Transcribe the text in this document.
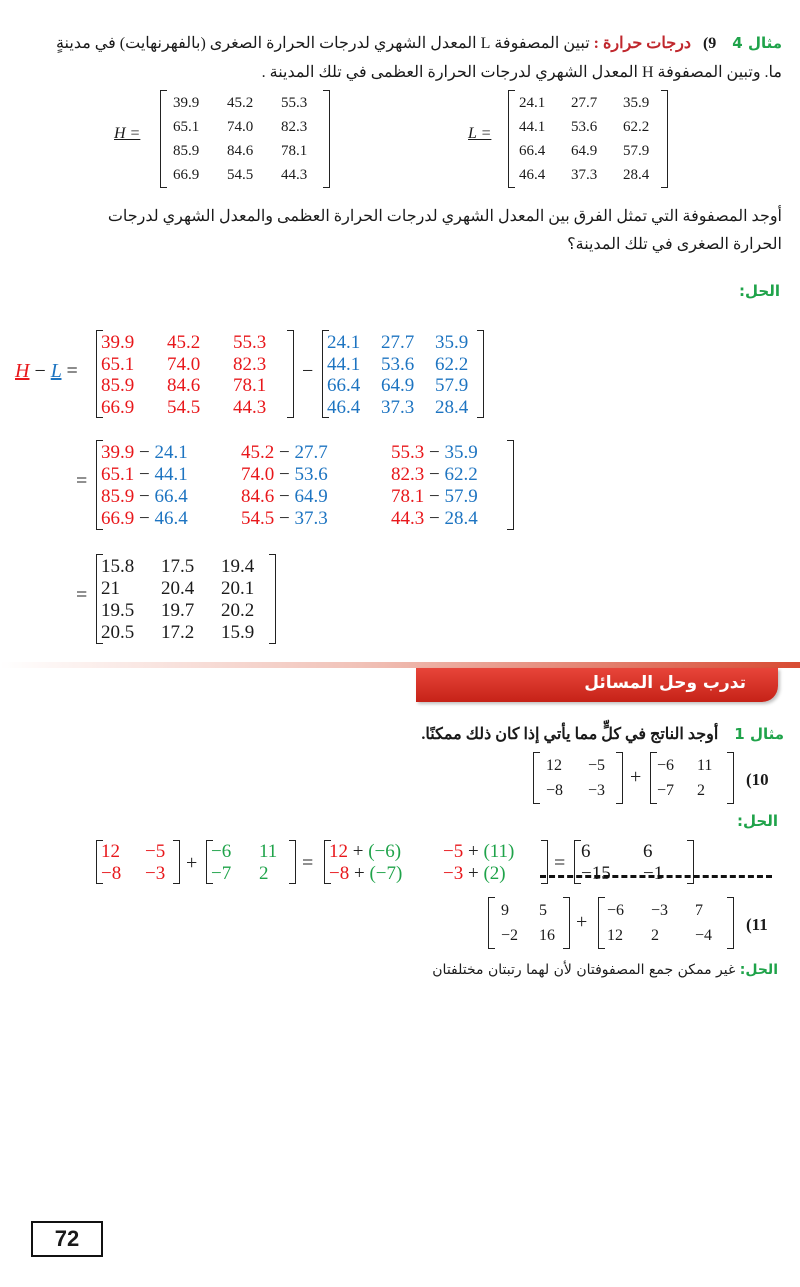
مثال 4    9)   درجات حرارة : تبين المصفوفة L المعدل الشهري لدرجات الحرارة الصغرى (بالفهرنهايت) في مدينةٍ
ما. وتبين المصفوفة H المعدل الشهري لدرجات الحرارة العظمى في تلك المدينة .
H =
39.9	45.2	55.3
65.1	74.0	82.3
85.9	84.6	78.1
66.9	54.5	44.3
L =
24.1	27.7	35.9
44.1	53.6	62.2
66.4	64.9	57.9
46.4	37.3	28.4
أوجد المصفوفة التي تمثل الفرق بين المعدل الشهري لدرجات الحرارة العظمى والمعدل الشهري لدرجات
الحرارة الصغرى في تلك المدينة؟
الحل:
H − L =
39.9	45.2	55.3
65.1	74.0	82.3
85.9	84.6	78.1
66.9	54.5	44.3
−
24.1	27.7	35.9
44.1	53.6	62.2
66.4	64.9	57.9
46.4	37.3	28.4
=
39.9 − 24.1	45.2 − 27.7	55.3 − 35.9
65.1 − 44.1	74.0 − 53.6	82.3 − 62.2
85.9 − 66.4	84.6 − 64.9	78.1 − 57.9
66.9 − 46.4	54.5 − 37.3	44.3 − 28.4
=
15.8	17.5	19.4
21	20.4	20.1
19.5	19.7	20.2
20.5	17.2	15.9
تدرب وحل المسائل
مثال 1    أوجد الناتج في كلٍّ مما يأتي إذا كان ذلك ممكنًا.
(10
12	−5
−8	−3
+
−6	11
−7	2
الحل:
12	−5
−8	−3	+
−6	11
−7	2	=
12 + (−6)	−5 + (11)
−8 + (−7)	−3 + (2)	=
6	6
−15	−1
(11
9	5
−2	16
+
−6	−3	7
12	2	−4
الحل: غير ممكن جمع المصفوفتان لأن لهما رتبتان مختلفتان
72
